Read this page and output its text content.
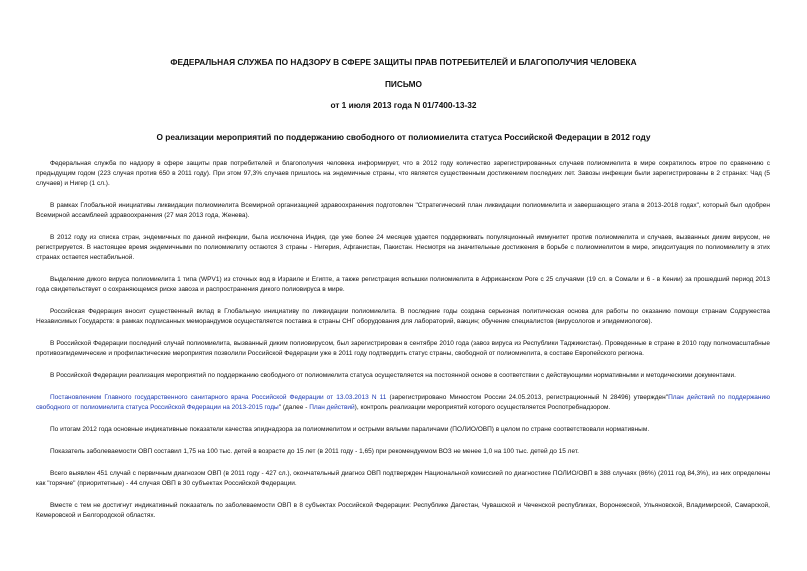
ФЕДЕРАЛЬНАЯ СЛУЖБА ПО НАДЗОРУ В СФЕРЕ ЗАЩИТЫ ПРАВ ПОТРЕБИТЕЛЕЙ И БЛАГОПОЛУЧИЯ ЧЕЛОВЕКА
ПИСЬМО
от 1 июля 2013 года N 01/7400-13-32
О реализации мероприятий по поддержанию свободного от полиомиелита статуса Российской Федерации в 2012 году

Федеральная служба по надзору в сфере защиты прав потребителей и благополучия человека информирует, что в 2012 году количество зарегистрированных случаев полиомиелита в мире сократилось втрое по сравнению с предыдущим годом (223 случая против 650 в 2011 году). При этом 97,3% случаев пришлось на эндемичные страны, что является существенным достижением последних лет. Завозы инфекции были зарегистрированы в 2 странах: Чад (5 случаев) и Нигер (1 сл.).

В рамках Глобальной инициативы ликвидации полиомиелита Всемирной организацией здравоохранения подготовлен "Стратегический план ликвидации полиомиелита и завершающего этапа в 2013-2018 годах", который был одобрен Всемирной ассамблеей здравоохранения (27 мая 2013 года, Женева).

В 2012 году из списка стран, эндемичных по данной инфекции, была исключена Индия, где уже более 24 месяцев удается поддерживать популяционный иммунитет против полиомиелита и случаев, вызванных диким вирусом, не регистрируется. В настоящее время эндемичными по полиомиелиту остаются 3 страны - Нигерия, Афганистан, Пакистан. Несмотря на значительные достижения в борьбе с полиомиелитом в мире, эпидситуация по полиомиелиту в этих странах остается нестабильной.

Выделение дикого вируса полиомиелита 1 типа (WPV1) из сточных вод в Израиле и Египте, а также регистрация вспышки полиомиелита в Африканском Роге с 25 случаями (19 сл. в Сомали и 6 - в Кении) за прошедший период 2013 года свидетельствует о сохраняющемся риске завоза и распространения дикого полиовируса в мире.

Российская Федерация вносит существенный вклад в Глобальную инициативу по ликвидации полиомиелита. В последние годы создана серьезная политическая основа для работы по оказанию помощи странам Содружества Независимых Государств: в рамках подписанных меморандумов осуществляется поставка в страны СНГ оборудования для лабораторий, вакцин; обучение специалистов (вирусологов и эпидемиологов).

В Российской Федерации последний случай полиомиелита, вызванный диким полиовирусом, был зарегистрирован в сентябре 2010 года (завоз вируса из Республики Таджикистан). Проведенные в стране в 2010 году полномасштабные противоэпидемические и профилактические мероприятия позволили Российской Федерации уже в 2011 году подтвердить статус страны, свободной от полиомиелита, в составе Европейского региона.

В Российской Федерации реализация мероприятий по поддержанию свободного от полиомиелита статуса осуществляется на постоянной основе в соответствии с действующими нормативными и методическими документами.

Постановлением Главного государственного санитарного врача Российской Федерации от 13.03.2013 N 11 (зарегистрировано Минюстом России 24.05.2013, регистрационный N 28496) утвержден"План действий по поддержанию свободного от полиомиелита статуса Российской Федерации на 2013-2015 годы" (далее - План действий), контроль реализации мероприятий которого осуществляется Роспотребнадзором.

По итогам 2012 года основные индикативные показатели качества эпиднадзора за полиомиелитом и острыми вялыми параличами (ПОЛИО/ОВП) в целом по стране соответствовали нормативным.

Показатель заболеваемости ОВП составил 1,75 на 100 тыс. детей в возрасте до 15 лет (в 2011 году - 1,65) при рекомендуемом ВОЗ не менее 1,0 на 100 тыс. детей до 15 лет.

Всего выявлен 451 случай с первичным диагнозом ОВП (в 2011 году - 427 сл.), окончательный диагноз ОВП подтвержден Национальной комиссией по диагностике ПОЛИО/ОВП в 388 случаях (86%) (2011 год 84,3%), из них определены как "горячие" (приоритетные) - 44 случая ОВП в 30 субъектах Российской Федерации.

Вместе с тем не достигнут индикативный показатель по заболеваемости ОВП в 8 субъектах Российской Федерации: Республике Дагестан, Чувашской и Чеченской республиках, Воронежской, Ульяновской, Владимирской, Самарской, Кемеровской и Белгородской областях.
